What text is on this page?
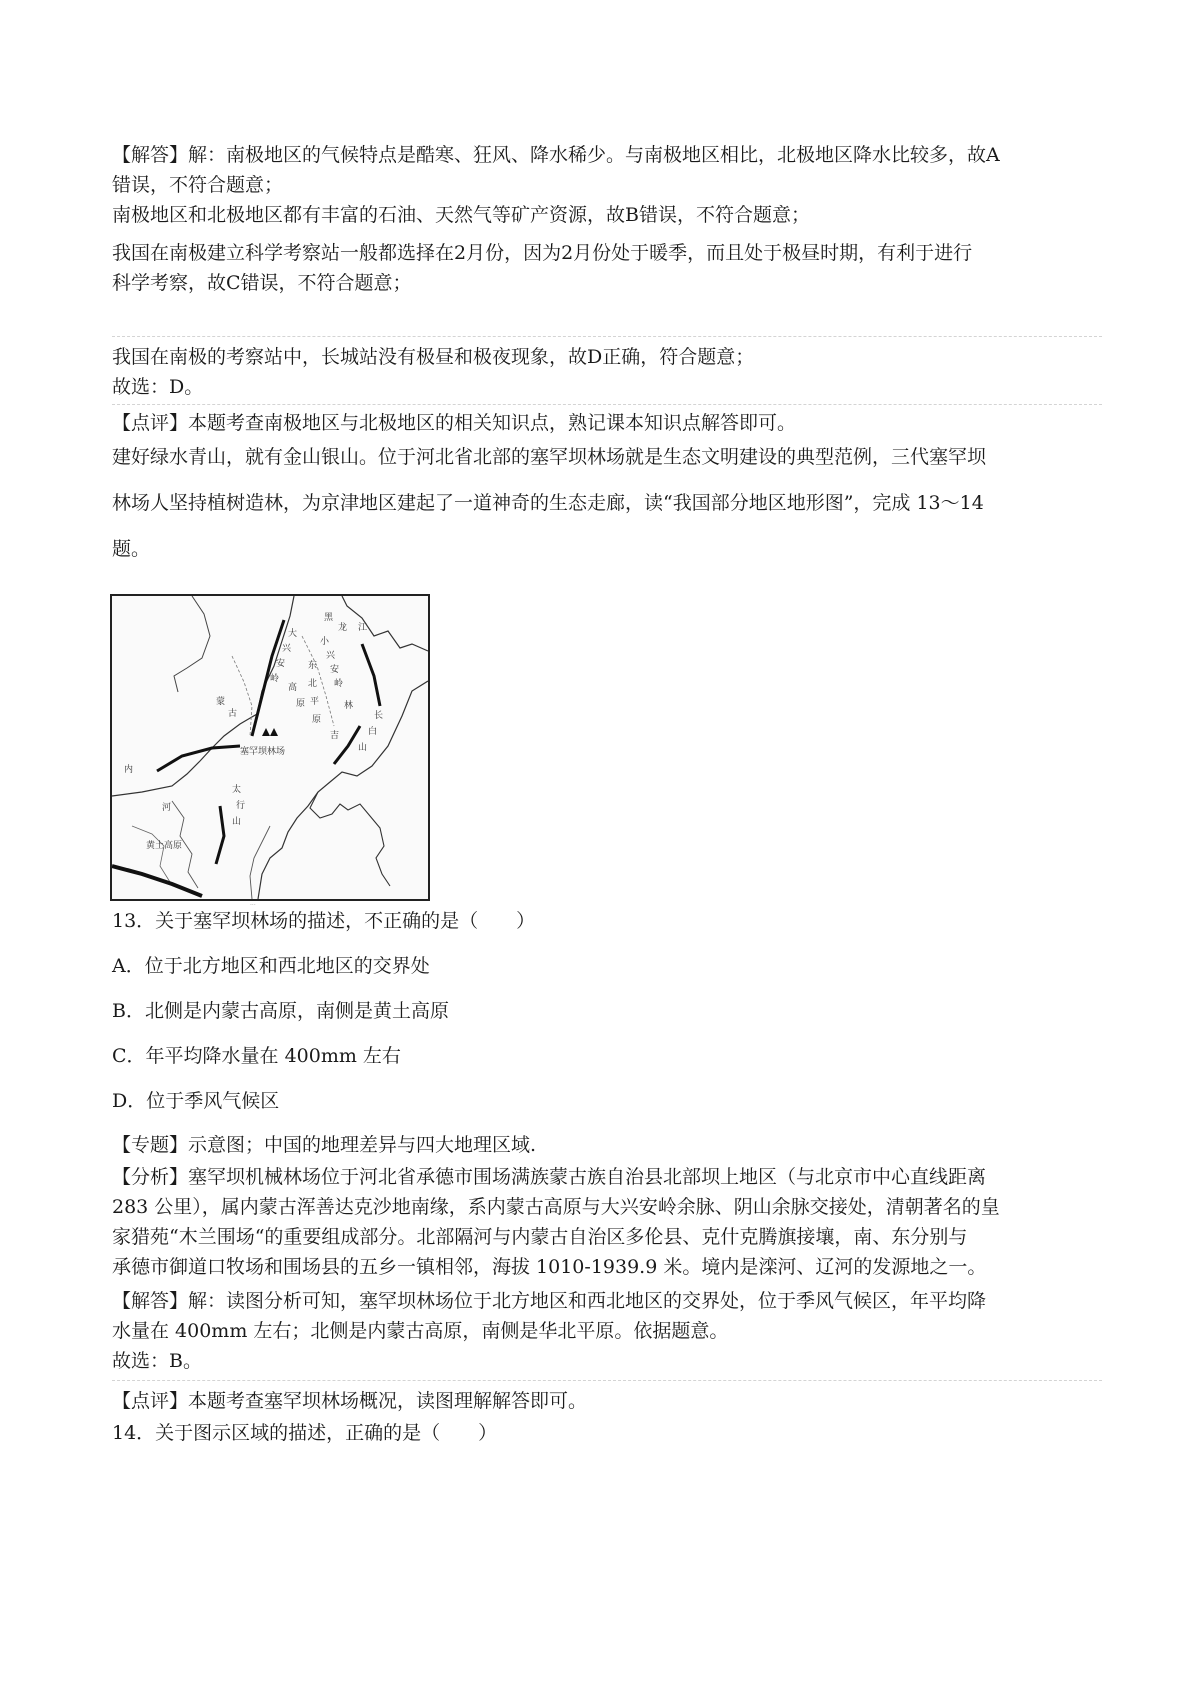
【解答】解：南极地区的气候特点是酷寒、狂风、降水稀少。与南极地区相比，北极地区降水比较多，故A

错误，不符合题意；

南极地区和北极地区都有丰富的石油、天然气等矿产资源，故B错误，不符合题意；

我国在南极建立科学考察站一般都选择在2月份，因为2月份处于暖季，而且处于极昼时期，有利于进行

科学考察，故C错误，不符合题意；

我国在南极的考察站中，长城站没有极昼和极夜现象，故D正确，符合题意；

故选：D。

【点评】本题考查南极地区与北极地区的相关知识点，熟记课本知识点解答即可。

建好绿水青山，就有金山银山。位于河北省北部的塞罕坝林场就是生态文明建设的典型范例，三代塞罕坝

林场人坚持植树造林，为京津地区建起了一道神奇的生态走廊，读“我国部分地区地形图”，完成 13～14

题。

黑
龙 江
大
兴
安
岭
小
兴
安
岭
长
白
山
东
北
平
原
吉
林
蒙
古
高
原
塞罕坝林场
内
太
行
山
黄土高原
河
...

13．关于塞罕坝林场的描述，不正确的是（　　）

A．位于北方地区和西北地区的交界处

B．北侧是内蒙古高原，南侧是黄土高原

C．年平均降水量在 400mm 左右

D．位于季风气候区

【专题】示意图；中国的地理差异与四大地理区域.

【分析】塞罕坝机械林场位于河北省承德市围场满族蒙古族自治县北部坝上地区（与北京市中心直线距离

283 公里），属内蒙古浑善达克沙地南缘，系内蒙古高原与大兴安岭余脉、阴山余脉交接处，清朝著名的皇

家猎苑“木兰围场“的重要组成部分。北部隔河与内蒙古自治区多伦县、克什克腾旗接壤，南、东分别与

承德市御道口牧场和围场县的五乡一镇相邻，海拔 1010-1939.9 米。境内是滦河、辽河的发源地之一。

【解答】解：读图分析可知，塞罕坝林场位于北方地区和西北地区的交界处，位于季风气候区，年平均降

水量在 400mm 左右；北侧是内蒙古高原，南侧是华北平原。依据题意。

故选：B。

【点评】本题考查塞罕坝林场概况，读图理解解答即可。

14．关于图示区域的描述，正确的是（　　）
